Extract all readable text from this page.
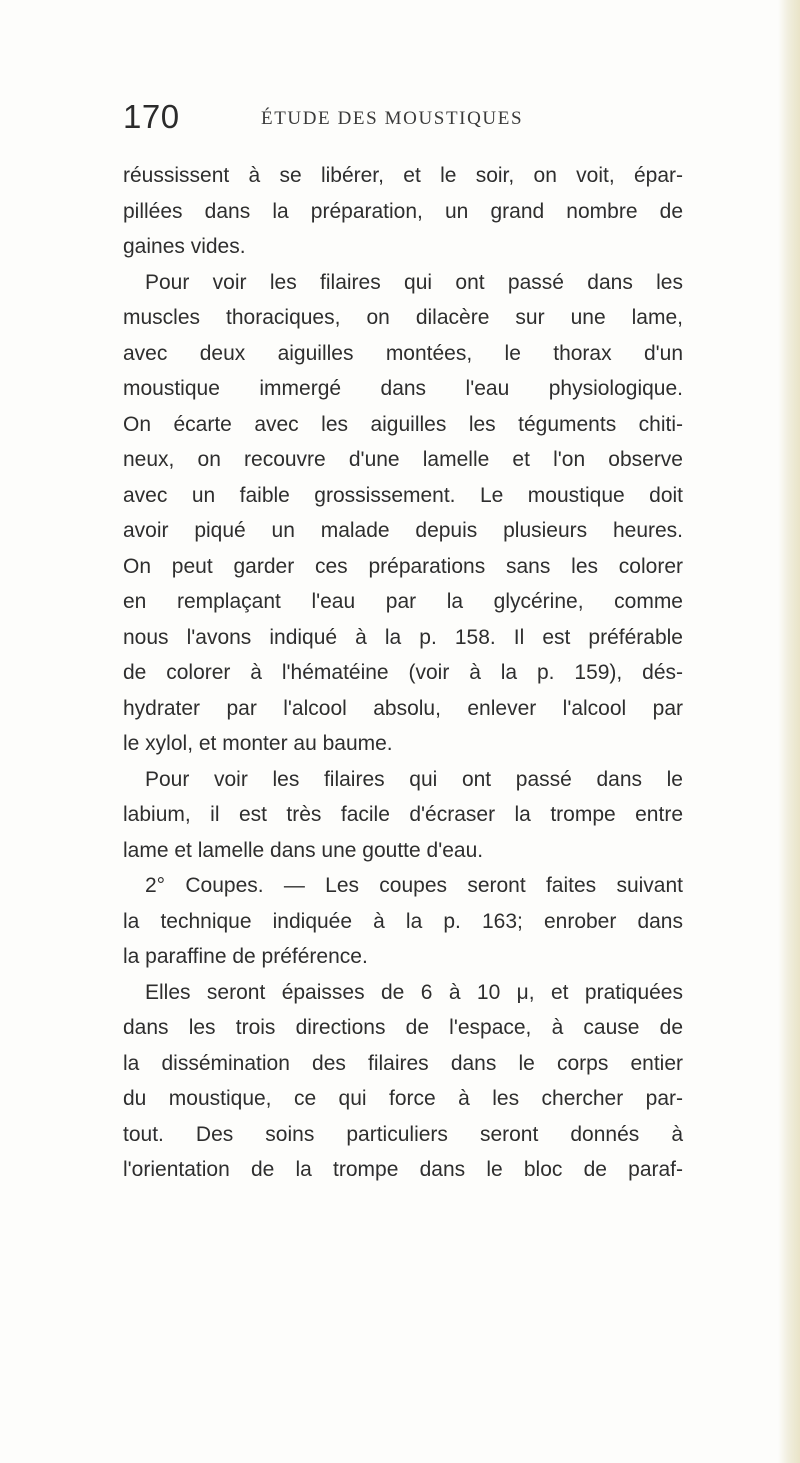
170	ÉTUDE DES MOUSTIQUES
réussissent à se libérer, et le soir, on voit, épar-
pillées dans la préparation, un grand nombre de
gaines vides.
Pour voir les filaires qui ont passé dans les
muscles thoraciques, on dilacère sur une lame,
avec deux aiguilles montées, le thorax d'un
moustique immergé dans l'eau physiologique.
On écarte avec les aiguilles les téguments chiti-
neux, on recouvre d'une lamelle et l'on observe
avec un faible grossissement. Le moustique doit
avoir piqué un malade depuis plusieurs heures.
On peut garder ces préparations sans les colorer
en remplaçant l'eau par la glycérine, comme
nous l'avons indiqué à la p. 158. Il est préférable
de colorer à l'hématéine (voir à la p. 159), dés-
hydrater par l'alcool absolu, enlever l'alcool par
le xylol, et monter au baume.
Pour voir les filaires qui ont passé dans le
labium, il est très facile d'écraser la trompe entre
lame et lamelle dans une goutte d'eau.
2° Coupes. — Les coupes seront faites suivant
la technique indiquée à la p. 163; enrober dans
la paraffine de préférence.
Elles seront épaisses de 6 à 10 μ, et pratiquées
dans les trois directions de l'espace, à cause de
la dissémination des filaires dans le corps entier
du moustique, ce qui force à les chercher par-
tout. Des soins particuliers seront donnés à
l'orientation de la trompe dans le bloc de paraf-
